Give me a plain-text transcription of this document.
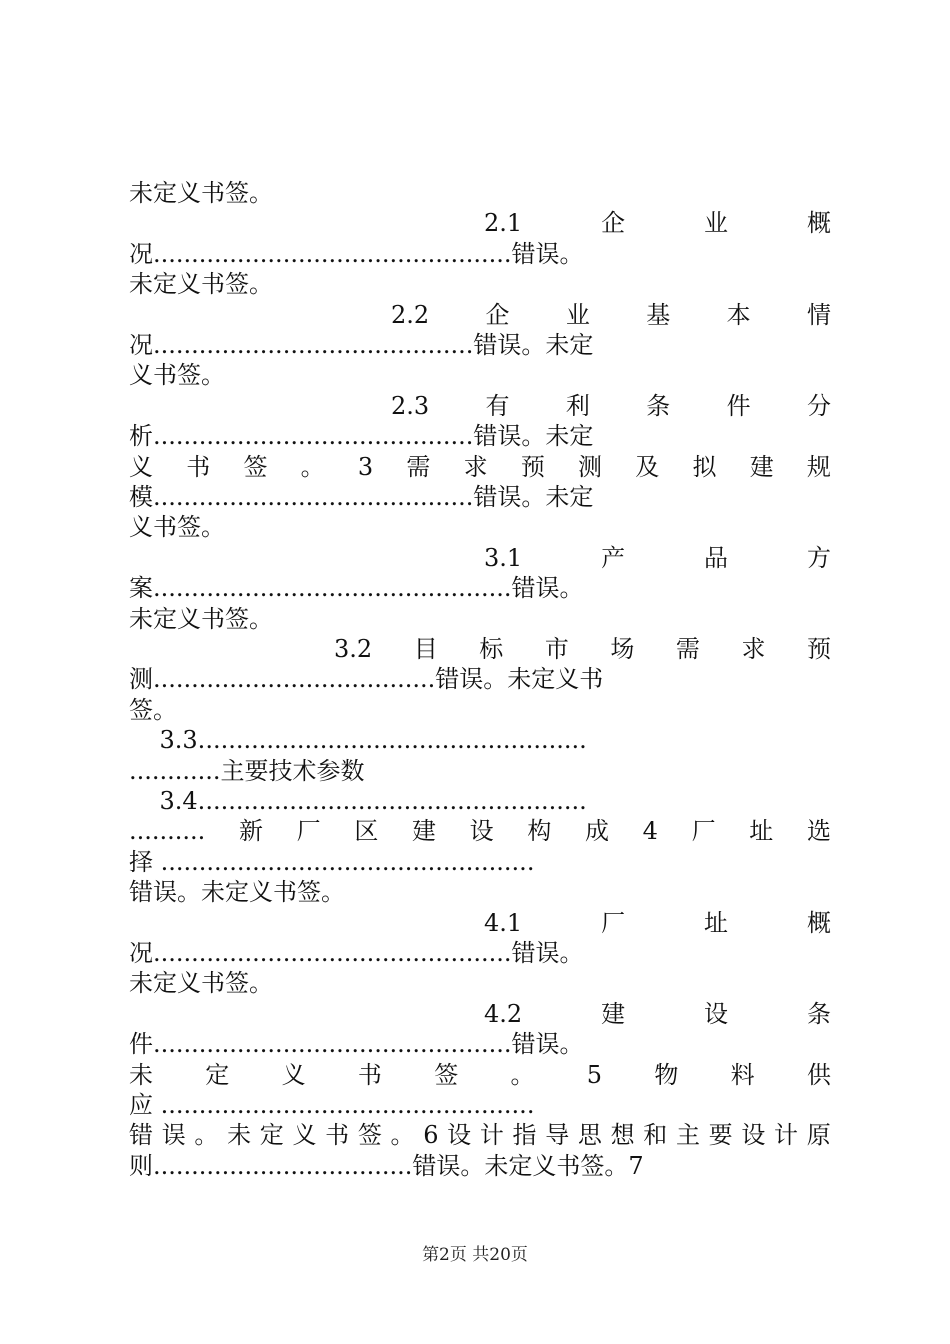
未定义书签。
2.1	企	业	概
况...............................................错误。
未定义书签。
2.2 企 业 基 本 情
况..........................................错误。未定
义书签。
2.3 有 利 条 件 分
析..........................................错误。未定
义 书 签 。 3 需 求 预 测 及 拟 建 规
模..........................................错误。未定
义书签。
3.1	产	品	方
案...............................................错误。
未定义书签。
3.2 目 标 市 场 需 求 预
测.....................................错误。未定义书
签。
3.3...................................................
............主要技术参数
3.4...................................................
.......... 新 厂 区 建 设 构 成 4 厂 址 选
择 .................................................
错误。未定义书签。
4.1	厂	址	概
况...............................................错误。
未定义书签。
4.2	建	设	条
件...............................................错误。
未 定 义 书 签 。 5 物 料 供
应 .................................................
错 误 。 未 定 义 书 签 。 6 设 计 指 导 思 想 和 主 要 设 计 原
则..................................错误。未定义书签。7
第2页 共20页
